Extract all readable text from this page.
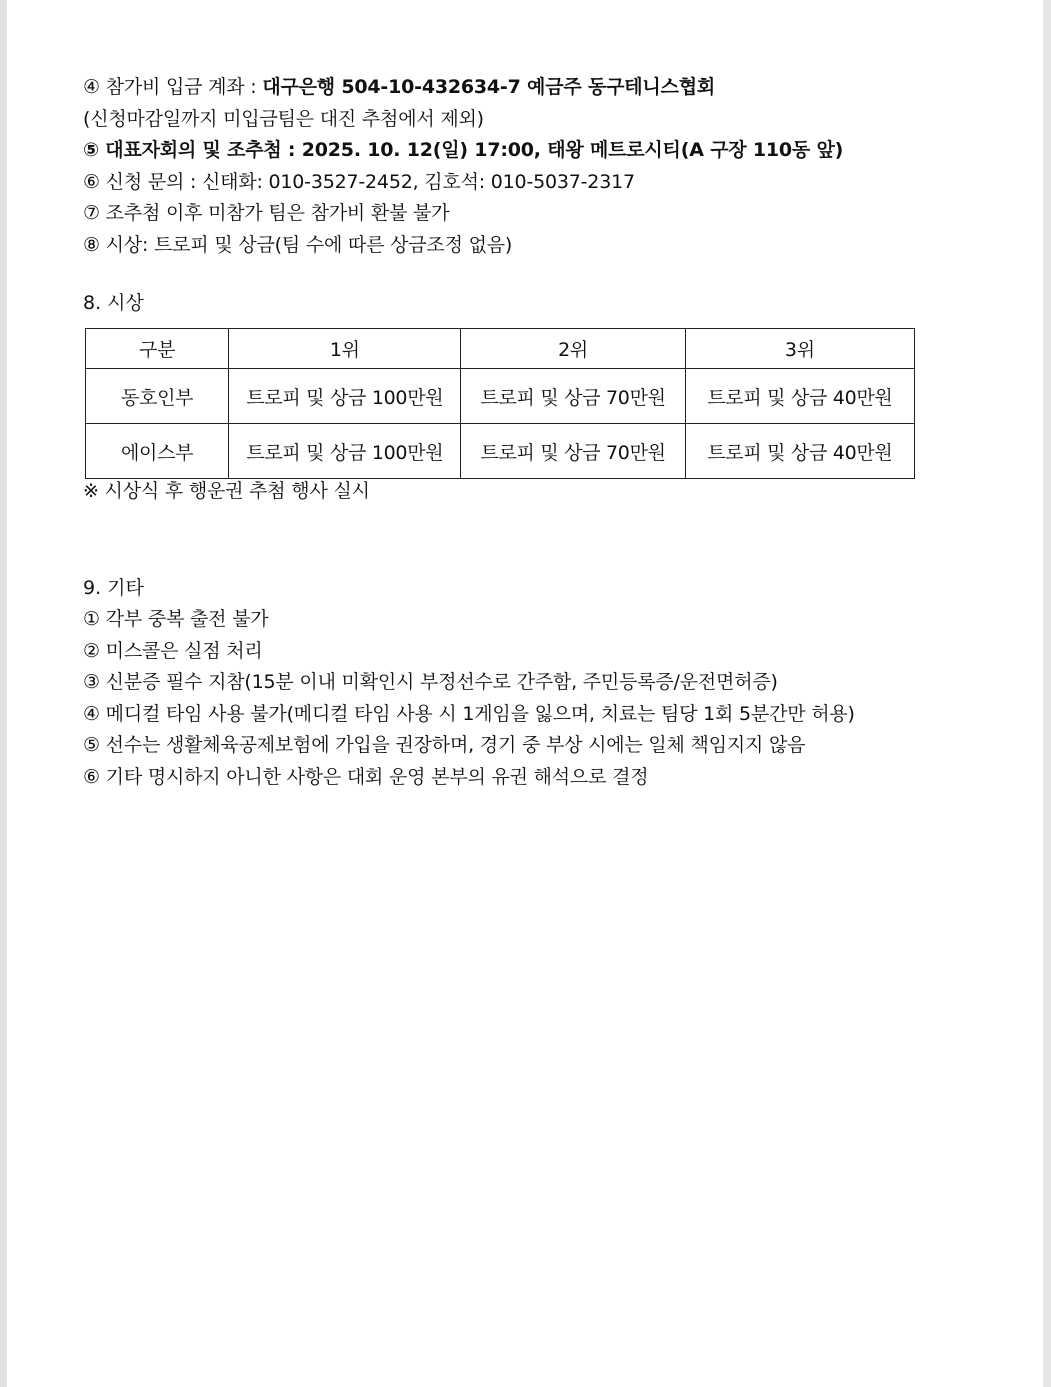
④ 참가비 입금 계좌 : 대구은행 504-10-432634-7 예금주 동구테니스협회
(신청마감일까지 미입금팀은 대진 추첨에서 제외)
⑤ 대표자회의 및 조추첨 : 2025. 10. 12(일) 17:00, 태왕 메트로시티(A 구장 110동 앞)
⑥ 신청 문의 : 신태화: 010-3527-2452, 김호석: 010-5037-2317
⑦ 조추첨 이후 미참가 팀은 참가비 환불 불가
⑧ 시상: 트로피 및 상금(팀 수에 따른 상금조정 없음)
8. 시상
구분	1위	2위	3위
동호인부	트로피 및 상금 100만원	트로피 및 상금 70만원	트로피 및 상금 40만원
에이스부	트로피 및 상금 100만원	트로피 및 상금 70만원	트로피 및 상금 40만원
※ 시상식 후 행운권 추첨 행사 실시
9. 기타
① 각부 중복 출전 불가
② 미스콜은 실점 처리
③ 신분증 필수 지참(15분 이내 미확인시 부정선수로 간주함, 주민등록증/운전면허증)
④ 메디컬 타임 사용 불가(메디컬 타임 사용 시 1게임을 잃으며, 치료는 팀당 1회 5분간만 허용)
⑤ 선수는 생활체육공제보험에 가입을 권장하며, 경기 중 부상 시에는 일체 책임지지 않음
⑥ 기타 명시하지 아니한 사항은 대회 운영 본부의 유권 해석으로 결정
